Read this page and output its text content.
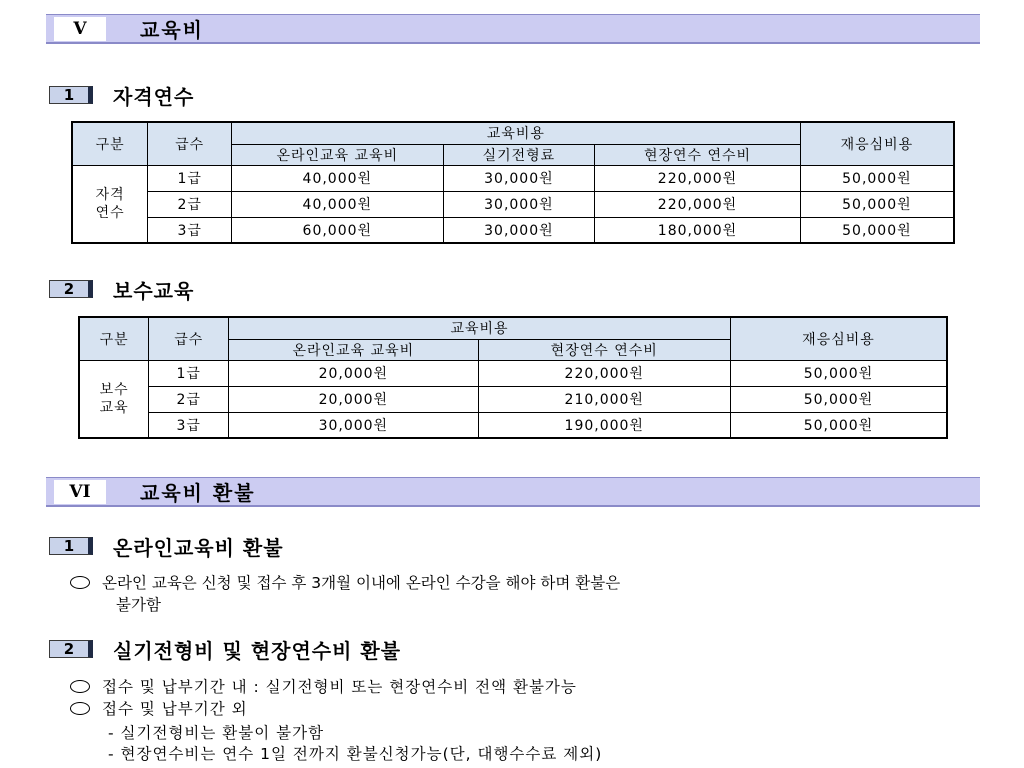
V	교육비
1	자격연수
구분	급수	교육비용			재응심비용
		온라인교육 교육비	실기전형료	현장연수 연수비	
자격
연수	1급	40,000원	30,000원	220,000원	50,000원
	2급	40,000원	30,000원	220,000원	50,000원
	3급	60,000원	30,000원	180,000원	50,000원
2	보수교육
구분	급수	교육비용		재응심비용
		온라인교육 교육비	현장연수 연수비	
보수
교육	1급	20,000원	220,000원	50,000원
	2급	20,000원	210,000원	50,000원
	3급	30,000원	190,000원	50,000원
VI	교육비 환불
1	온라인교육비 환불
온라인 교육은 신청 및 접수 후 3개월 이내에 온라인 수강을 해야 하며 환불은
불가함
2	실기전형비 및 현장연수비 환불
접수 및 납부기간 내 : 실기전형비 또는 현장연수비 전액 환불가능
접수 및 납부기간 외
- 실기전형비는 환불이 불가함
- 현장연수비는 연수 1일 전까지 환불신청가능(단, 대행수수료 제외)
